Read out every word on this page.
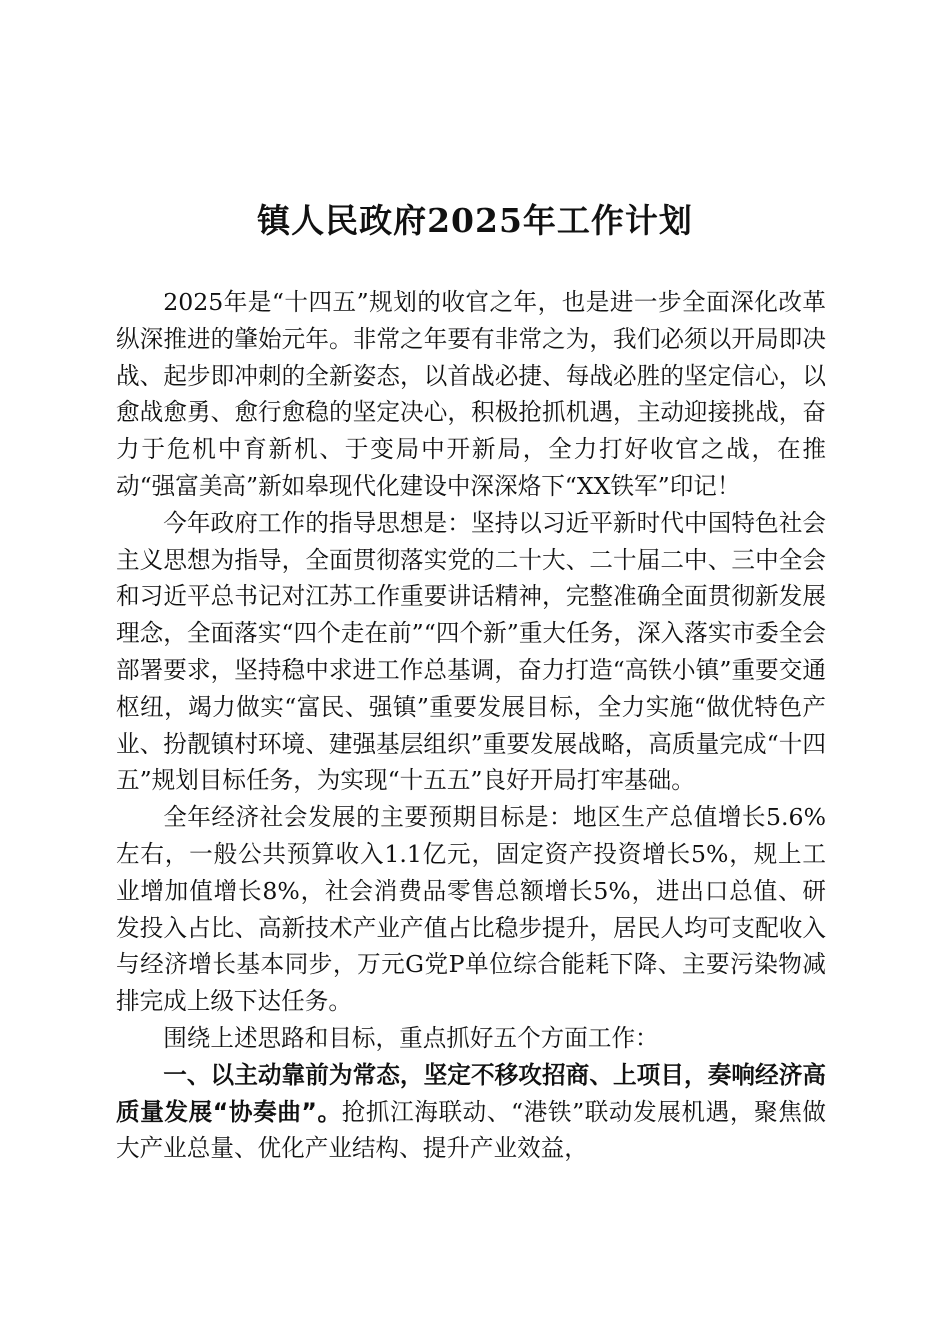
镇人民政府2025年工作计划

2025年是“十四五”规划的收官之年，也是进一步全面深化改革纵深推进的肇始元年。非常之年要有非常之为，我们必须以开局即决战、起步即冲刺的全新姿态，以首战必捷、每战必胜的坚定信心，以愈战愈勇、愈行愈稳的坚定决心，积极抢抓机遇，主动迎接挑战，奋力于危机中育新机、于变局中开新局，全力打好收官之战，在推动“强富美高”新如皋现代化建设中深深烙下“XX铁军”印记！

今年政府工作的指导思想是：坚持以习近平新时代中国特色社会主义思想为指导，全面贯彻落实党的二十大、二十届二中、三中全会和习近平总书记对江苏工作重要讲话精神，完整准确全面贯彻新发展理念，全面落实“四个走在前”“四个新”重大任务，深入落实市委全会部署要求，坚持稳中求进工作总基调，奋力打造“高铁小镇”重要交通枢纽，竭力做实“富民、强镇”重要发展目标，全力实施“做优特色产业、扮靓镇村环境、建强基层组织”重要发展战略，高质量完成“十四五”规划目标任务，为实现“十五五”良好开局打牢基础。

全年经济社会发展的主要预期目标是：地区生产总值增长5.6%左右，一般公共预算收入1.1亿元，固定资产投资增长5%，规上工业增加值增长8%，社会消费品零售总额增长5%，进出口总值、研发投入占比、高新技术产业产值占比稳步提升，居民人均可支配收入与经济增长基本同步，万元G党P单位综合能耗下降、主要污染物减排完成上级下达任务。

围绕上述思路和目标，重点抓好五个方面工作：

一、以主动靠前为常态，坚定不移攻招商、上项目，奏响经济高质量发展“协奏曲”。抢抓江海联动、“港铁”联动发展机遇，聚焦做大产业总量、优化产业结构、提升产业效益，
